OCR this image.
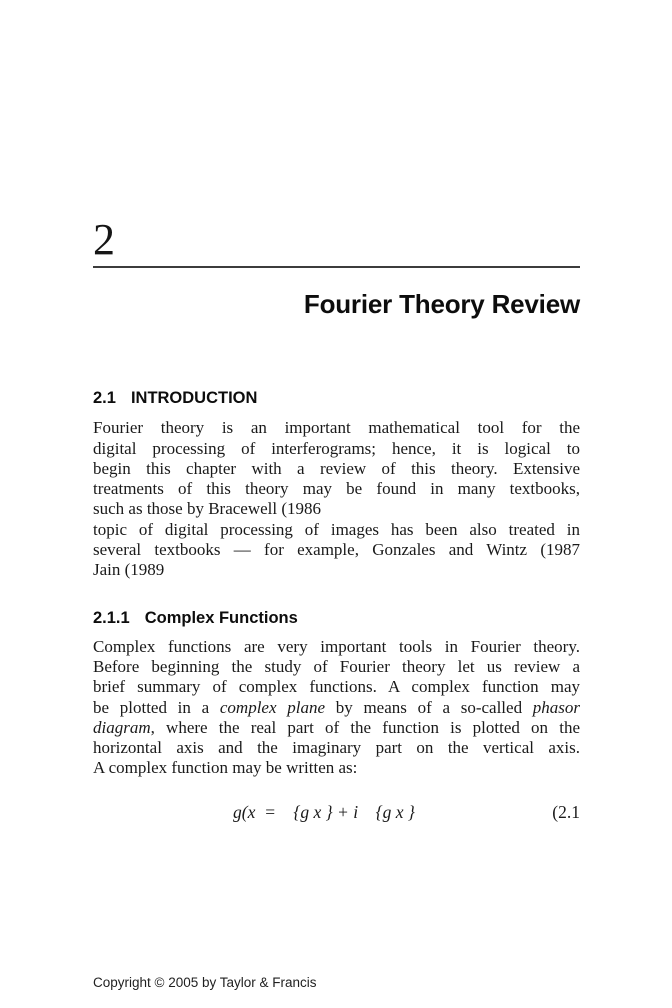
2
Fourier Theory Review
2.1 INTRODUCTION
Fourier theory is an important mathematical tool for the
digital processing of interferograms; hence, it is logical to
begin this chapter with a review of this theory. Extensive
treatments of this theory may be found in many textbooks,
such as those by Bracewell (1986
topic of digital processing of images has been also treated in
several textbooks — for example, Gonzales and Wintz (1987
Jain (1989
2.1.1 Complex Functions
Complex functions are very important tools in Fourier theory.
Before beginning the study of Fourier theory let us review a
brief summary of complex functions. A complex function may
be plotted in a complex plane by means of a so-called phasor
diagram, where the real part of the function is plotted on the
horizontal axis and the imaginary part on the vertical axis.
A complex function may be written as:
g(x  =    {g x } + i    {g x }	(2.1
Copyright © 2005 by Taylor & Francis
